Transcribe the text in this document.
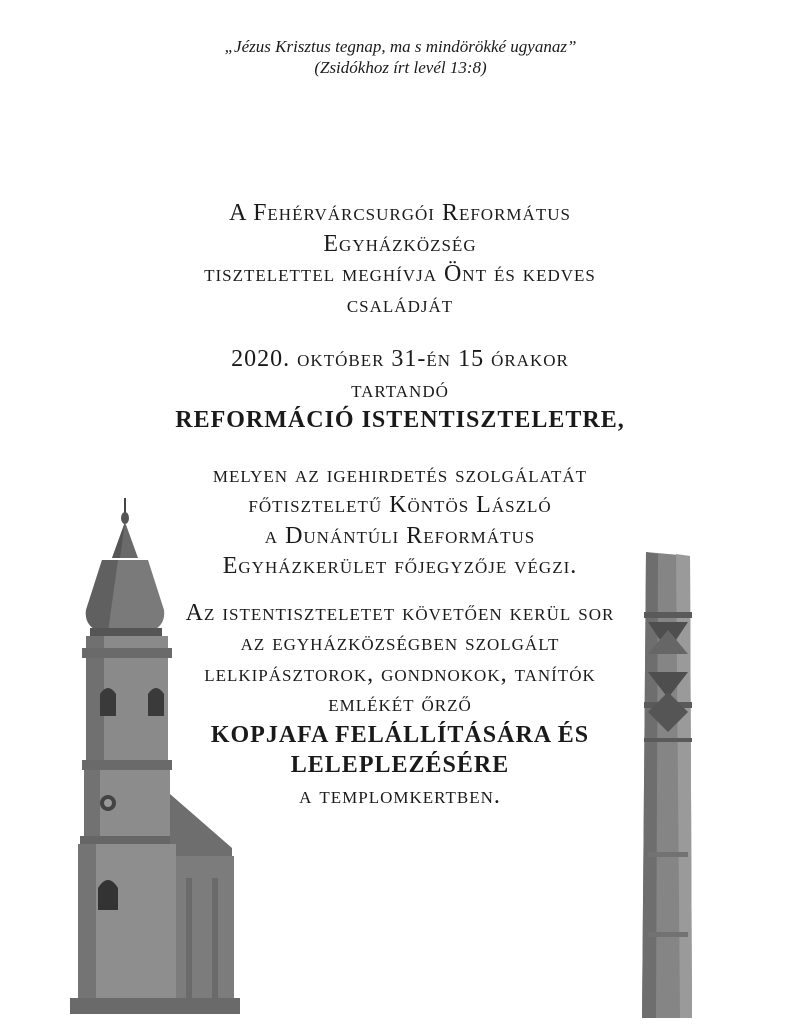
„Jézus Krisztus tegnap, ma s mindörökké ugyanaz”
(Zsidókhoz írt levél 13:8)
A Fehérvárcsurgói Református
Egyházközség
tisztelettel meghívja Önt és kedves
családját
2020. október 31-én 15 órakor
tartandó
REFORMÁCIÓ ISTENTISZTELETRE,
melyen az igehirdetés szolgálatát
főtiszteletű Köntös László
a Dunántúli Református
Egyházkerület főjegyzője végzi.
Az istentiszteletet követően kerül sor
az egyházközségben szolgált
lelkipásztorok, gondnokok, tanítók
emlékét őrző
KOPJAFA FELÁLLÍTÁSÁRA ÉS
LELEPLEZÉSÉRE
a templomkertben.
